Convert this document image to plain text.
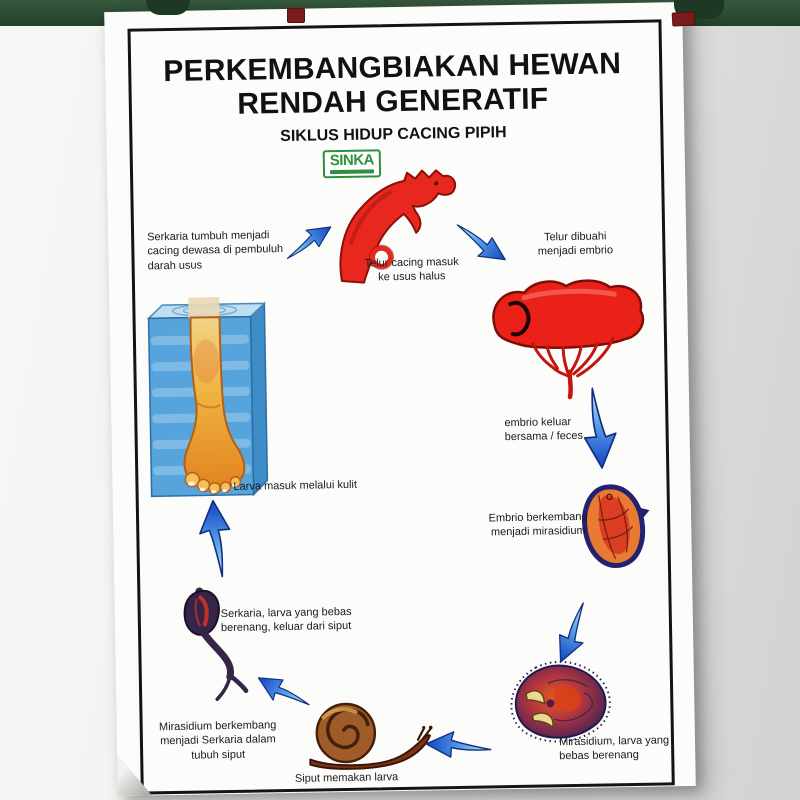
PERKEMBANGBIAKAN HEWAN
RENDAH GENERATIF
SIKLUS HIDUP CACING PIPIH
SINKA
Serkaria tumbuh menjadi
cacing dewasa di pembuluh
darah usus	Telur cacing masuk
ke usus halus
Telur dibuahi
menjadi embrio
embrio keluar
bersama / feces
Embrio berkembang
menjadi mirasidium
Mirasidium, larva yang
bebas berenang
Siput memakan larva
Mirasidium berkembang
menjadi Serkaria dalam
tubuh siput
Serkaria, larva yang bebas
berenang, keluar dari siput
Larva masuk melalui kulit
